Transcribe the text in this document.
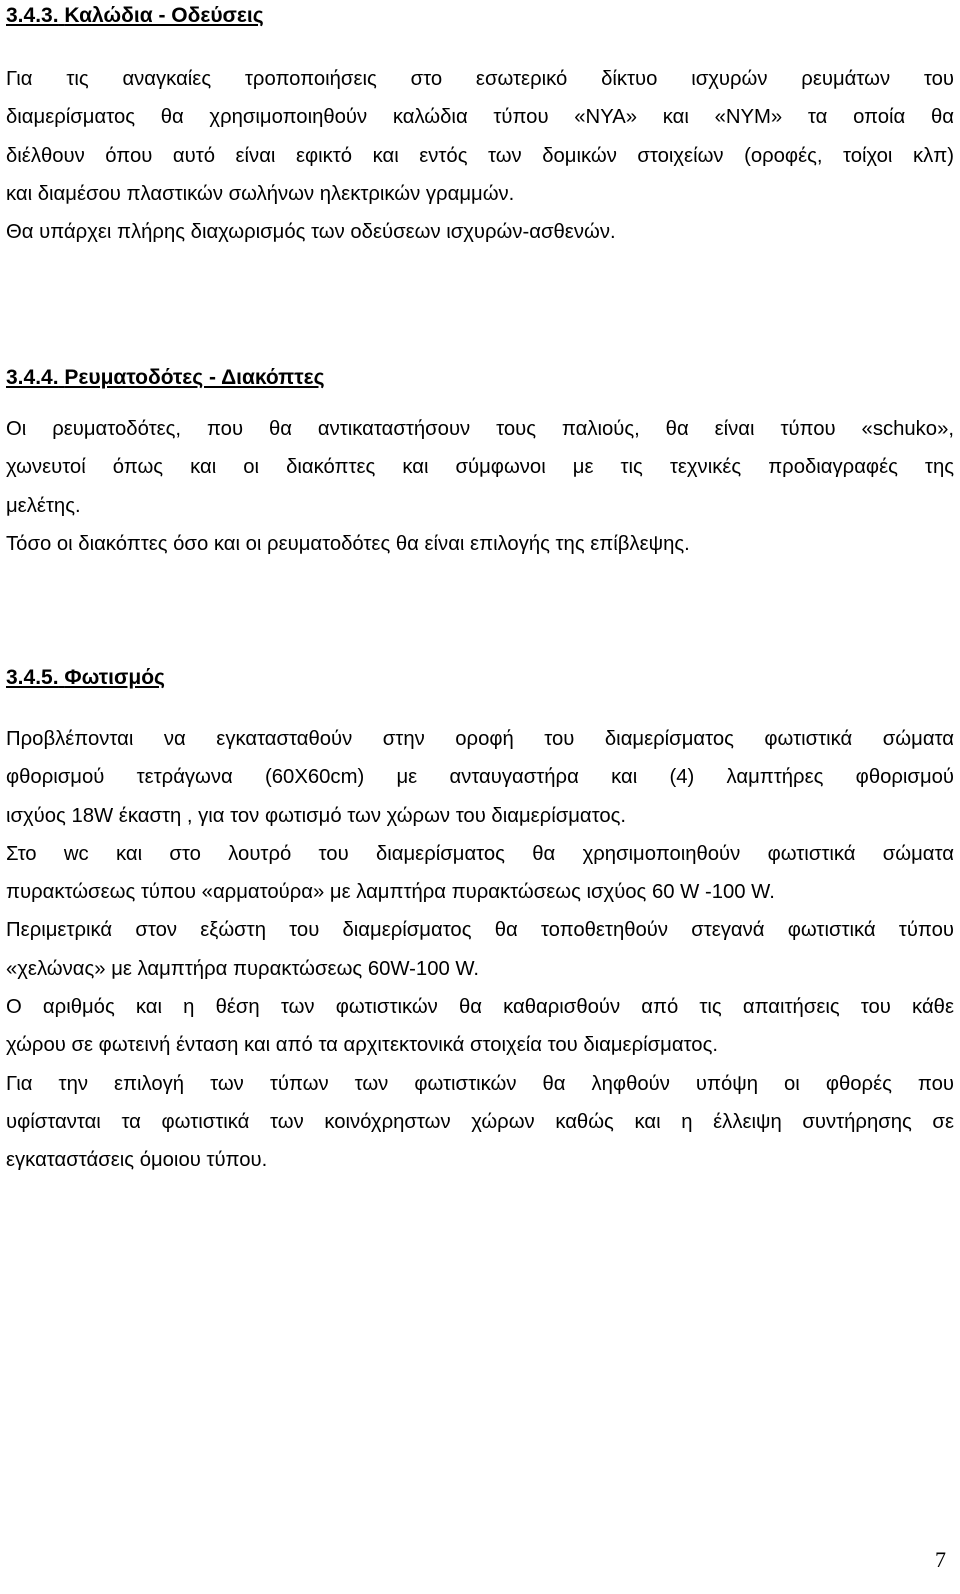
3.4.3. Καλώδια - Οδεύσεις
Για τις αναγκαίες τροποποιήσεις στο εσωτερικό δίκτυο ισχυρών ρευμάτων του
διαμερίσματος θα χρησιμοποιηθούν καλώδια τύπου «ΝΥΑ» και «ΝΥΜ» τα οποία θα
διέλθουν όπου αυτό είναι εφικτό και εντός των δομικών στοιχείων (οροφές, τοίχοι κλπ)
και διαμέσου πλαστικών σωλήνων ηλεκτρικών γραμμών.
Θα υπάρχει πλήρης διαχωρισμός των οδεύσεων ισχυρών-ασθενών.
3.4.4. Ρευματοδότες - Διακόπτες
Οι ρευματοδότες, που θα αντικαταστήσουν τους παλιούς, θα είναι τύπου «schuko»,
χωνευτοί όπως και οι διακόπτες και σύμφωνοι με τις τεχνικές προδιαγραφές της
μελέτης.
Τόσο οι διακόπτες όσο και οι ρευματοδότες θα είναι επιλογής της επίβλεψης.
3.4.5. Φωτισμός
Προβλέπονται να εγκατασταθούν στην οροφή του διαμερίσματος φωτιστικά σώματα
φθορισμού τετράγωνα (60Χ60cm) με ανταυγαστήρα και (4) λαμπτήρες φθορισμού
ισχύος 18W έκαστη , για τον φωτισμό των χώρων του διαμερίσματος.
Στο wc και στο λουτρό του διαμερίσματος θα χρησιμοποιηθούν φωτιστικά σώματα
πυρακτώσεως τύπου «αρματούρα» με λαμπτήρα πυρακτώσεως ισχύος 60 W -100 W.
Περιμετρικά στον εξώστη του διαμερίσματος θα τοποθετηθούν στεγανά φωτιστικά τύπου
«χελώνας» με λαμπτήρα πυρακτώσεως 60W-100 W.
Ο αριθμός και η θέση των φωτιστικών θα καθαρισθούν από τις απαιτήσεις του κάθε
χώρου σε φωτεινή ένταση και από τα αρχιτεκτονικά στοιχεία του διαμερίσματος.
Για την επιλογή των τύπων των φωτιστικών θα ληφθούν υπόψη οι φθορές που
υφίστανται τα φωτιστικά των κοινόχρηστων χώρων καθώς και η έλλειψη συντήρησης σε
εγκαταστάσεις όμοιου τύπου.
7
